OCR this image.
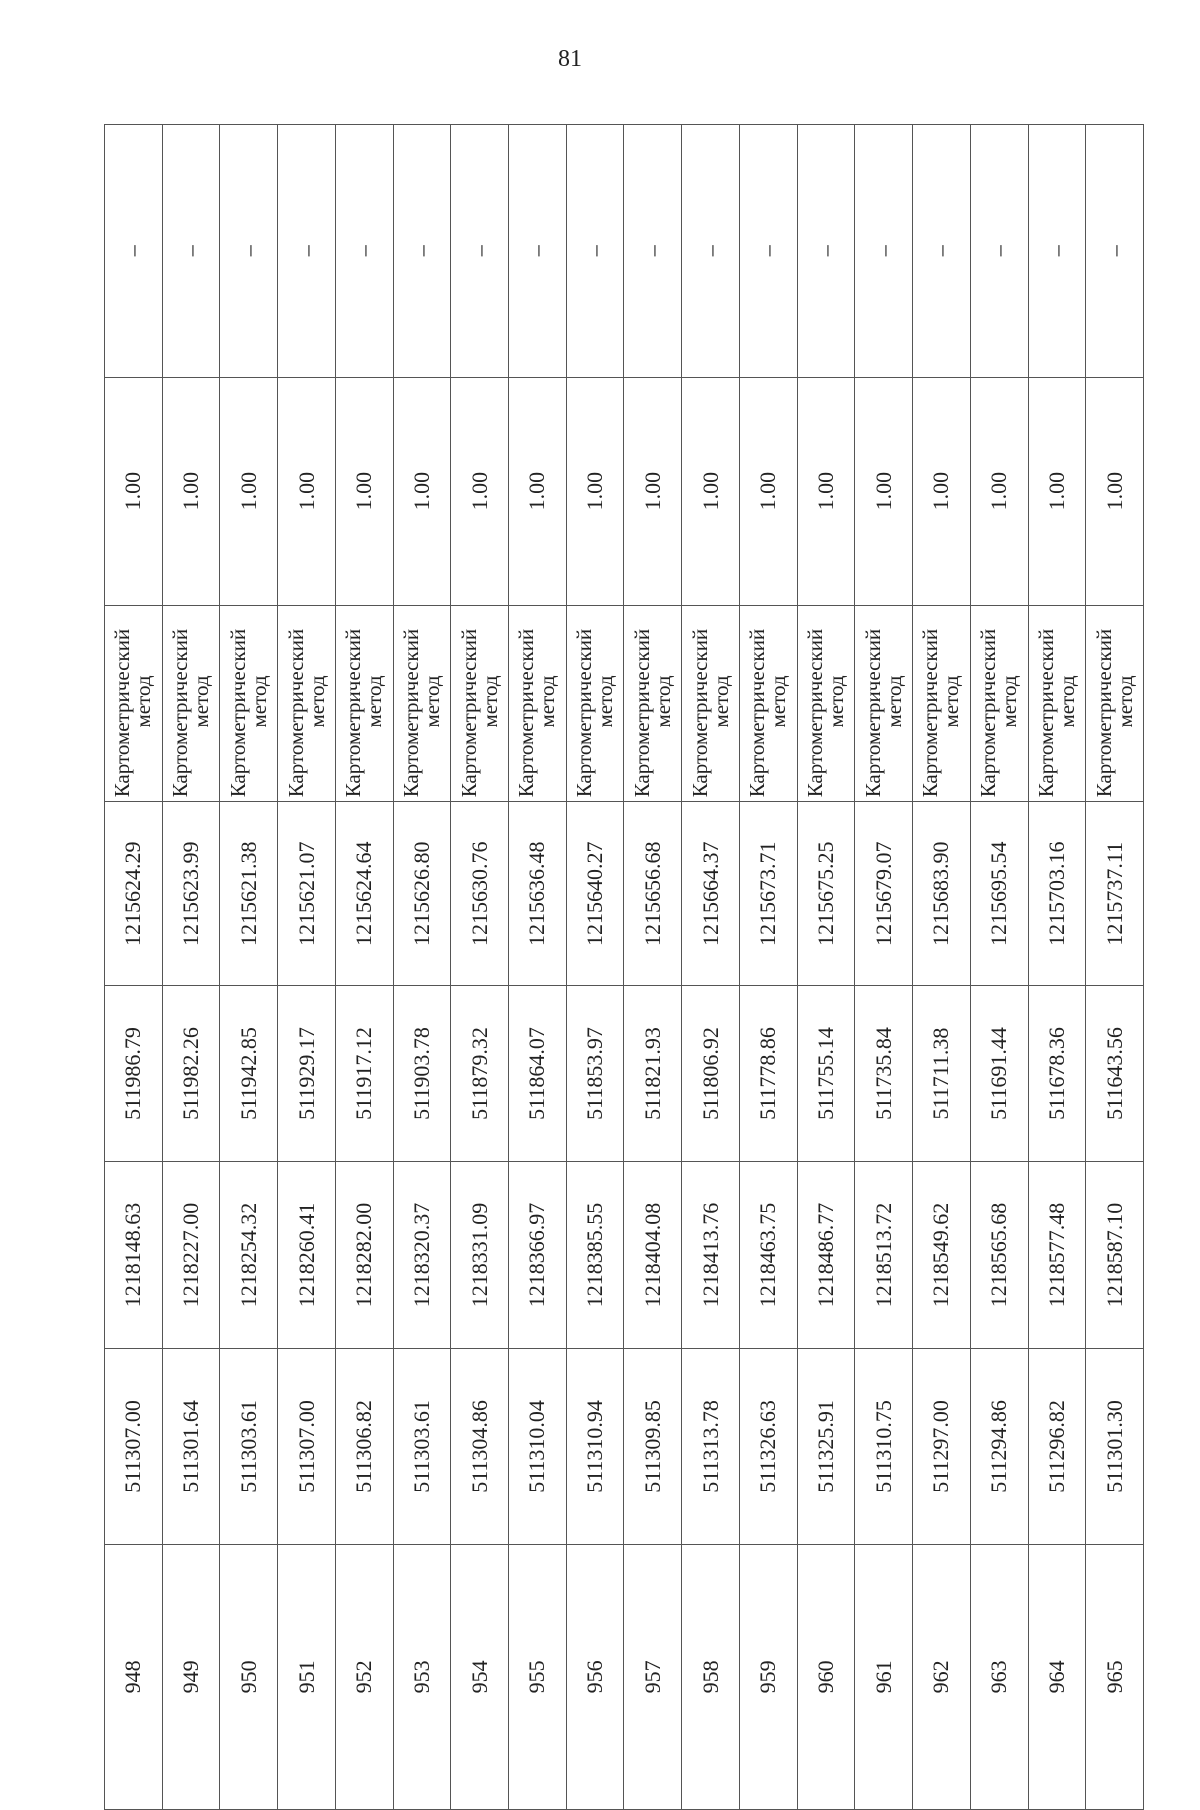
81
948	511307.00	1218148.63	511986.79	1215624.29	Картометрический
метод	1.00	–
949	511301.64	1218227.00	511982.26	1215623.99	Картометрический
метод	1.00	–
950	511303.61	1218254.32	511942.85	1215621.38	Картометрический
метод	1.00	–
951	511307.00	1218260.41	511929.17	1215621.07	Картометрический
метод	1.00	–
952	511306.82	1218282.00	511917.12	1215624.64	Картометрический
метод	1.00	–
953	511303.61	1218320.37	511903.78	1215626.80	Картометрический
метод	1.00	–
954	511304.86	1218331.09	511879.32	1215630.76	Картометрический
метод	1.00	–
955	511310.04	1218366.97	511864.07	1215636.48	Картометрический
метод	1.00	–
956	511310.94	1218385.55	511853.97	1215640.27	Картометрический
метод	1.00	–
957	511309.85	1218404.08	511821.93	1215656.68	Картометрический
метод	1.00	–
958	511313.78	1218413.76	511806.92	1215664.37	Картометрический
метод	1.00	–
959	511326.63	1218463.75	511778.86	1215673.71	Картометрический
метод	1.00	–
960	511325.91	1218486.77	511755.14	1215675.25	Картометрический
метод	1.00	–
961	511310.75	1218513.72	511735.84	1215679.07	Картометрический
метод	1.00	–
962	511297.00	1218549.62	511711.38	1215683.90	Картометрический
метод	1.00	–
963	511294.86	1218565.68	511691.44	1215695.54	Картометрический
метод	1.00	–
964	511296.82	1218577.48	511678.36	1215703.16	Картометрический
метод	1.00	–
965	511301.30	1218587.10	511643.56	1215737.11	Картометрический
метод	1.00	–
